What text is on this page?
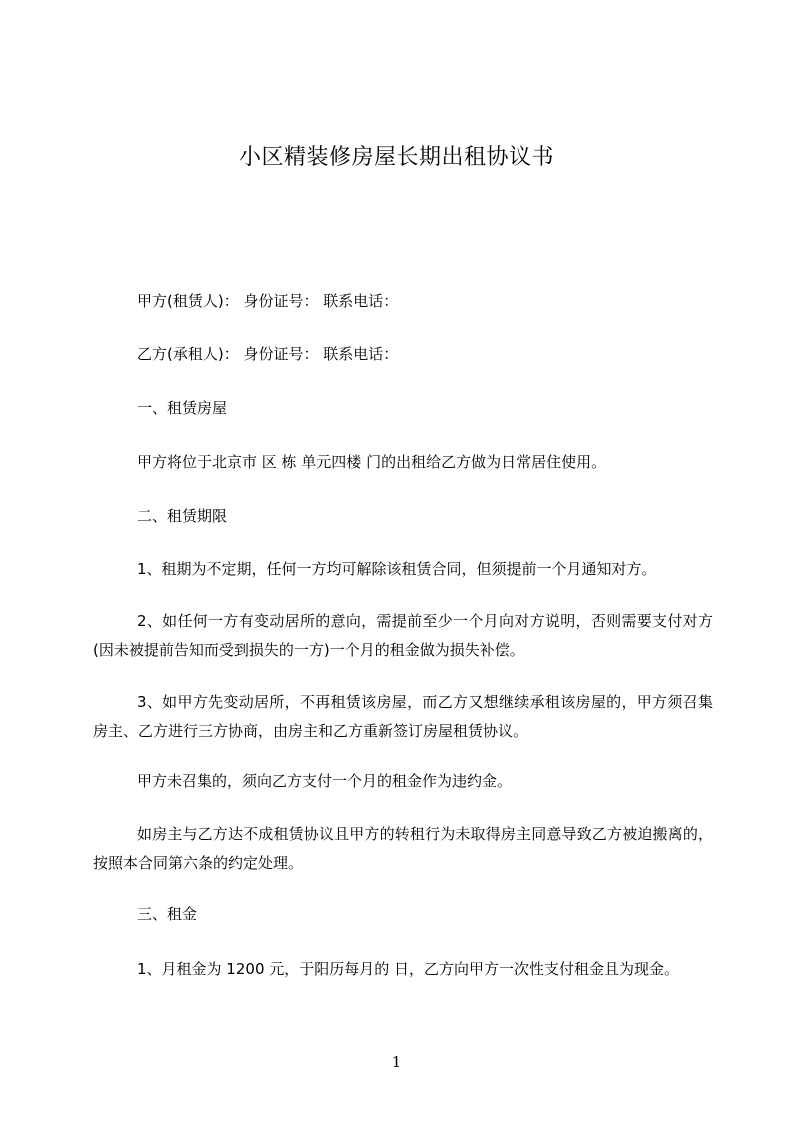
小区精装修房屋长期出租协议书
甲方(租赁人)： 身份证号： 联系电话：
乙方(承租人)： 身份证号： 联系电话：
一、租赁房屋
甲方将位于北京市 区 栋 单元四楼 门的出租给乙方做为日常居住使用。
二、租赁期限
1、租期为不定期，任何一方均可解除该租赁合同，但须提前一个月通知对方。
2、如任何一方有变动居所的意向，需提前至少一个月向对方说明，否则需要支付对方(因未被提前告知而受到损失的一方)一个月的租金做为损失补偿。
3、如甲方先变动居所，不再租赁该房屋，而乙方又想继续承租该房屋的，甲方须召集房主、乙方进行三方协商，由房主和乙方重新签订房屋租赁协议。
甲方未召集的，须向乙方支付一个月的租金作为违约金。
如房主与乙方达不成租赁协议且甲方的转租行为未取得房主同意导致乙方被迫搬离的，按照本合同第六条的约定处理。
三、租金
1、月租金为 1200 元，于阳历每月的 日，乙方向甲方一次性支付租金且为现金。
1
